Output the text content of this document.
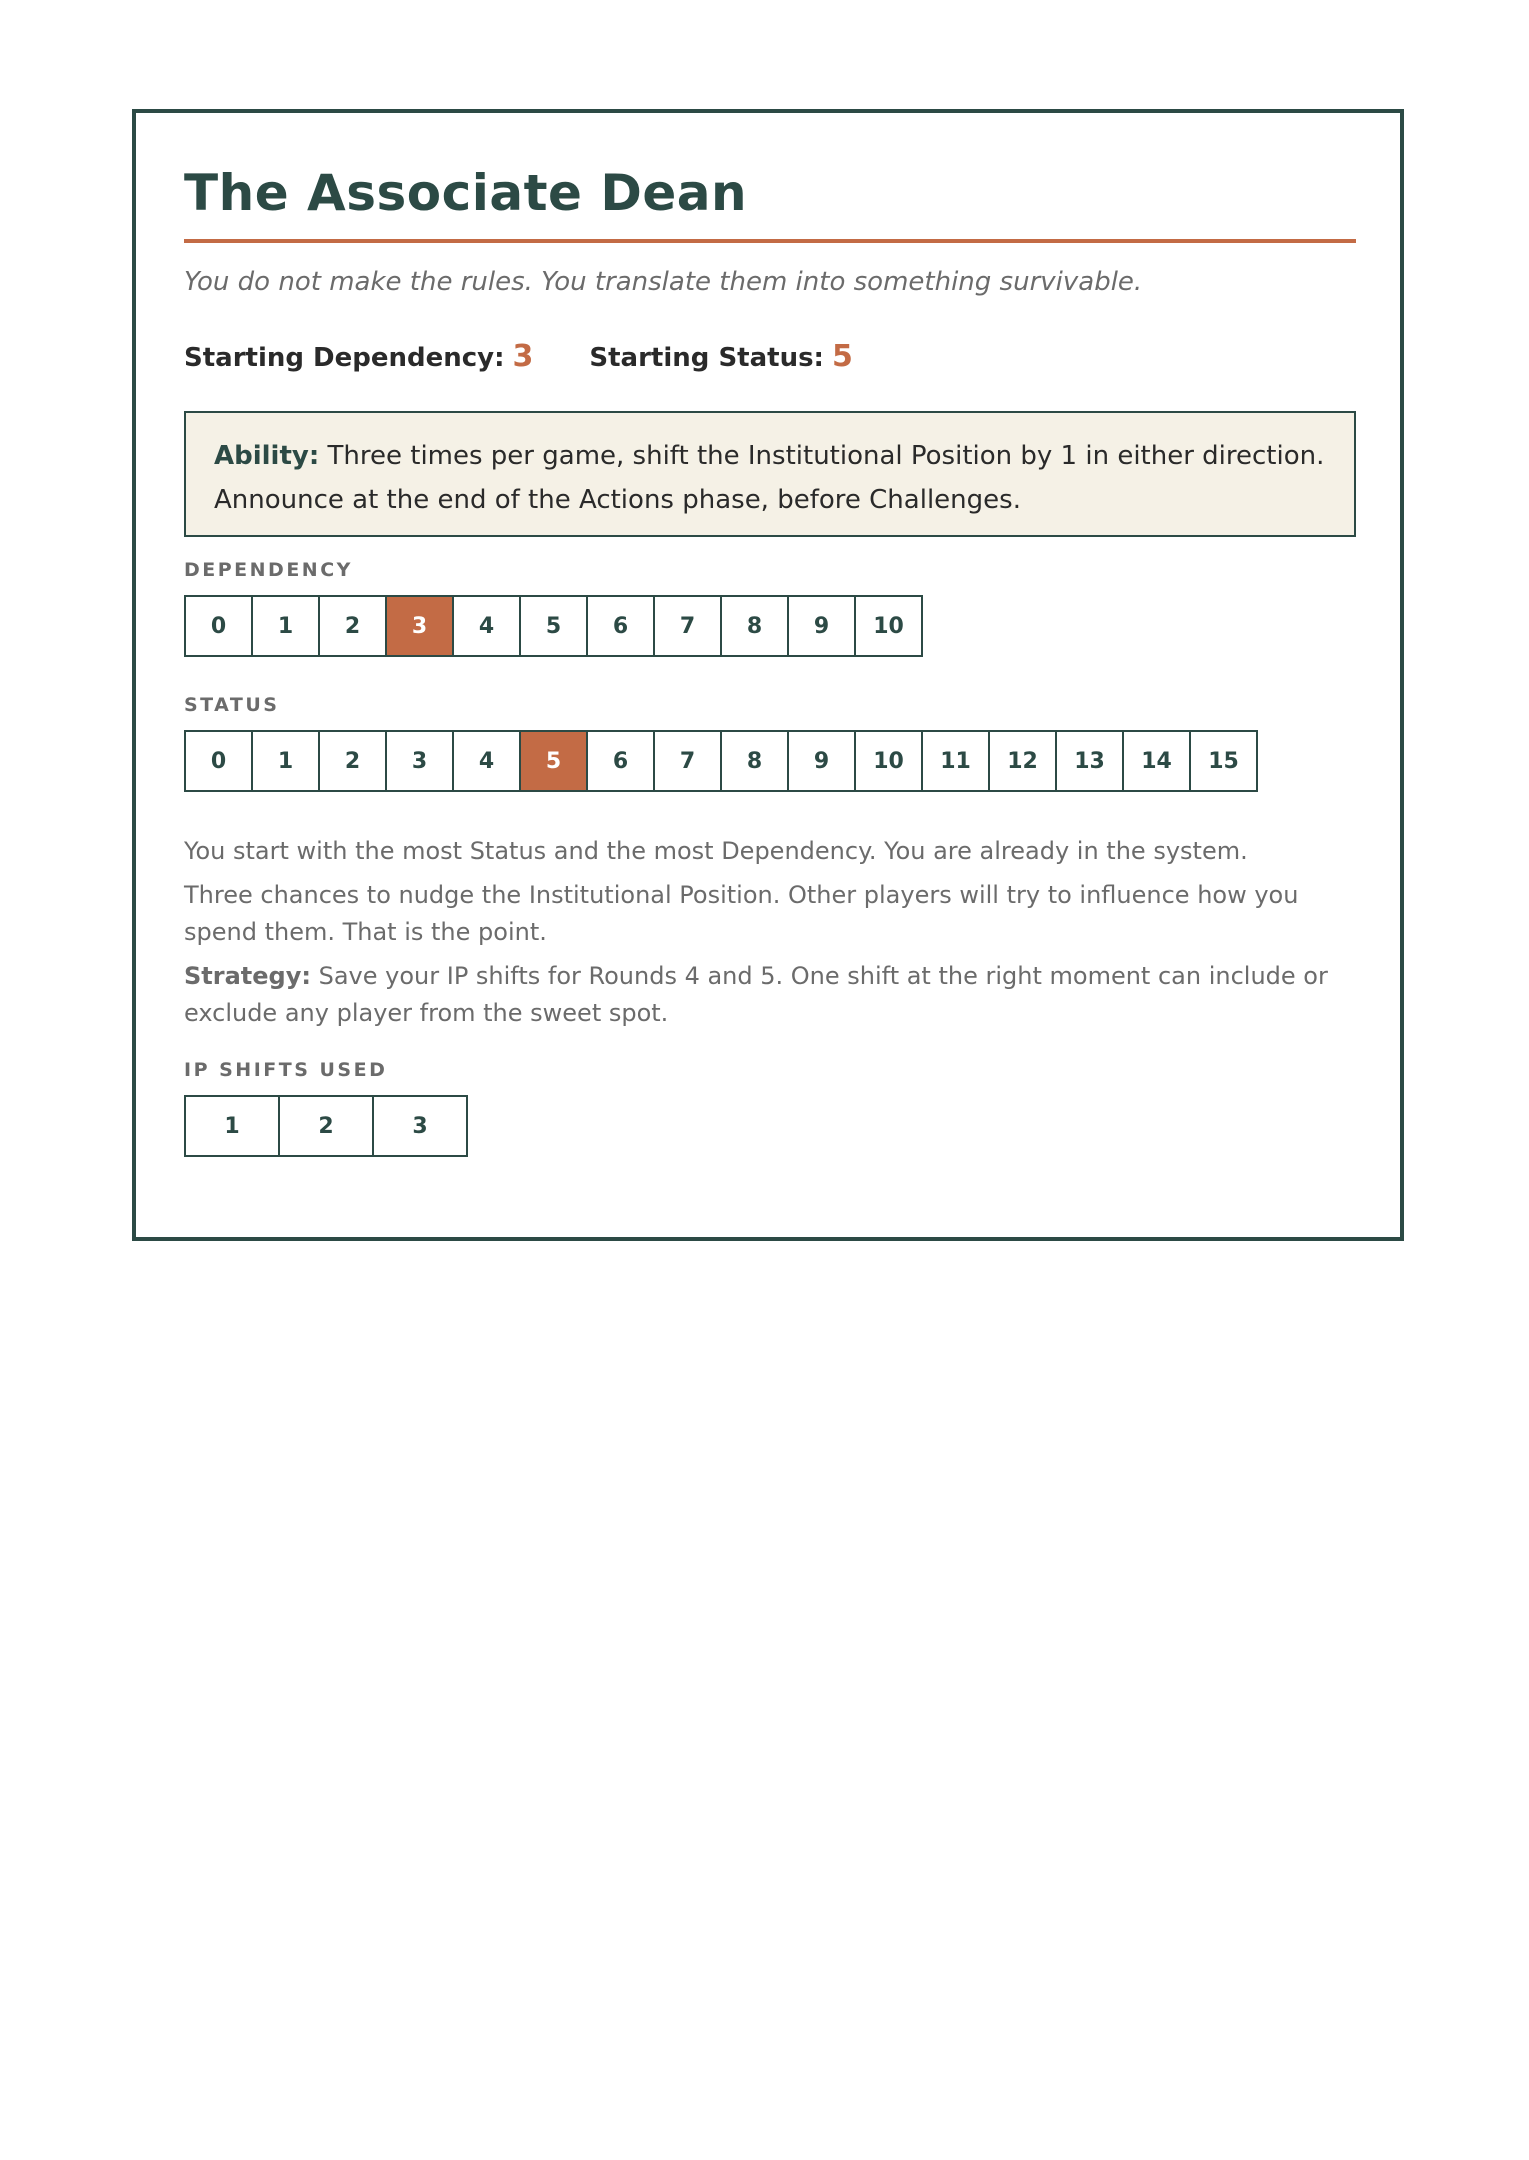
The Associate Dean

You do not make the rules. You translate them into something survivable.

Starting Dependency: 3 Starting Status: 5

Ability: Three times per game, shift the Institutional Position by 1 in either direction. Announce at the end of the Actions phase, before Challenges.

DEPENDENCY

0	1	2	3	4	5	6	7	8	9	10

STATUS

0	1	2	3	4	5	6	7	8	9	10	11	12	13	14	15

You start with the most Status and the most Dependency. You are already in the system.

Three chances to nudge the Institutional Position. Other players will try to influence how you spend them. That is the point.

Strategy: Save your IP shifts for Rounds 4 and 5. One shift at the right moment can include or exclude any player from the sweet spot.

IP SHIFTS USED

1	2	3
